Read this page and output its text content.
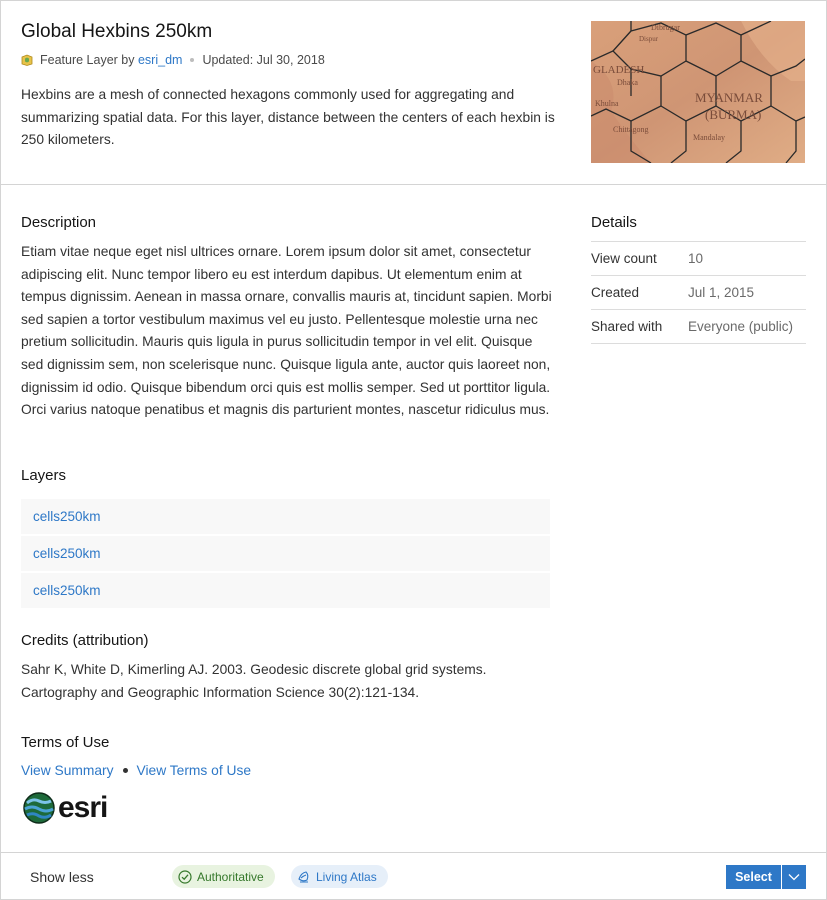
Global Hexbins 250km
Feature Layer by
esri_dm Updated: Jul 30, 2018
Hexbins are a mesh of connected hexagons commonly used for aggregating and summarizing spatial data. For this layer, distance between the centers of each hexbin is 250 kilometers.
GLADESH
Dhaka
Khulna
Chittagong
MYANMAR
(BURMA)
Mandalay
Dibrugar
Dispur
Description
Etiam vitae neque eget nisl ultrices ornare. Lorem ipsum dolor sit amet, consectetur adipiscing elit. Nunc tempor libero eu est interdum dapibus. Ut elementum enim at tempus dignissim. Aenean in massa ornare, convallis mauris at, tincidunt sapien. Morbi sed sapien a tortor vestibulum maximus vel eu justo. Pellentesque molestie urna nec pretium sollicitudin. Mauris quis ligula in purus sollicitudin tempor in vel elit. Quisque sed dignissim sem, non scelerisque nunc. Quisque ligula ante, auctor quis laoreet non, dignissim id odio. Quisque bibendum orci quis est mollis semper. Sed ut porttitor ligula. Orci varius natoque penatibus et magnis dis parturient montes, nascetur ridiculus mus.
Layers
cells250km
cells250km
cells250km
Credits (attribution)
Sahr K, White D, Kimerling AJ. 2003. Geodesic discrete global grid systems. Cartography and Geographic Information Science 30(2):121-134.
Terms of Use
View Summary View Terms of Use
esri
Details
View count	10
Created	Jul 1, 2015
Shared with	Everyone (public)
Show less	Authoritative	Living Atlas	Select
